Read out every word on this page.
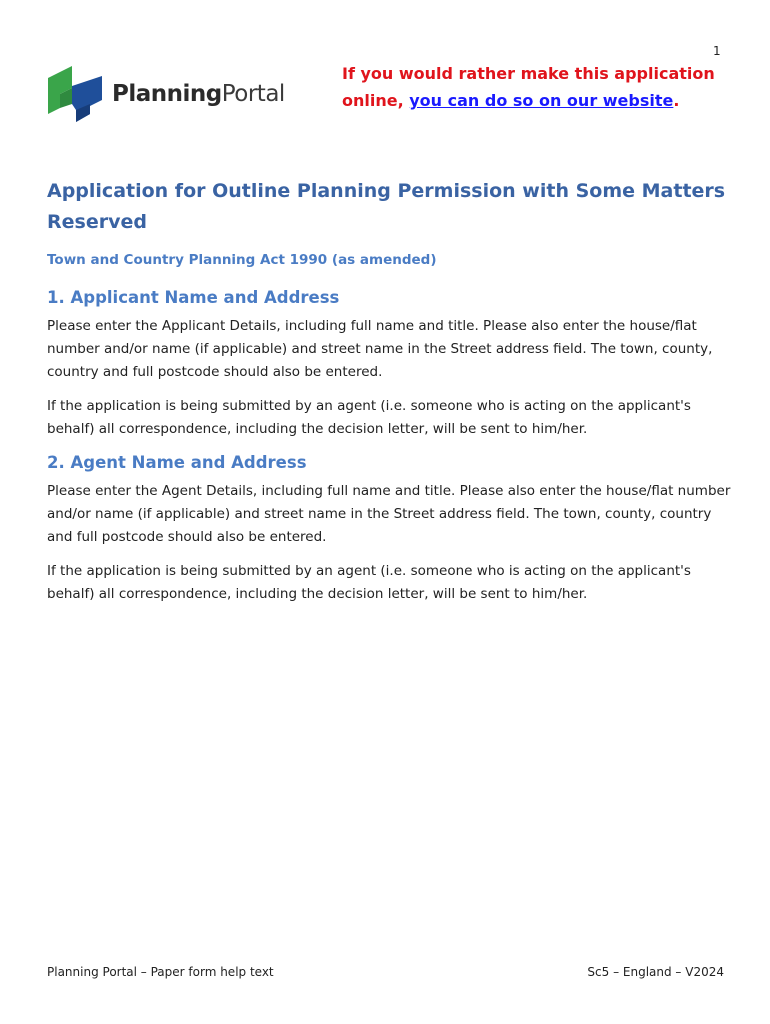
1
PlanningPortal
If you would rather make this application online, you can do so on our website.
Application for Outline Planning Permission with Some Matters Reserved

Town and Country Planning Act 1990 (as amended)

1. Applicant Name and Address

Please enter the Applicant Details, including full name and title. Please also enter the house/flat number and/or name (if applicable) and street name in the Street address field. The town, county, country and full postcode should also be entered.

If the application is being submitted by an agent (i.e. someone who is acting on the applicant's behalf) all correspondence, including the decision letter, will be sent to him/her.

2. Agent Name and Address

Please enter the Agent Details, including full name and title. Please also enter the house/flat number and/or name (if applicable) and street name in the Street address field. The town, county, country and full postcode should also be entered.

If the application is being submitted by an agent (i.e. someone who is acting on the applicant's behalf) all correspondence, including the decision letter, will be sent to him/her.

Planning Portal – Paper form help text	Sc5 – England – V2024
